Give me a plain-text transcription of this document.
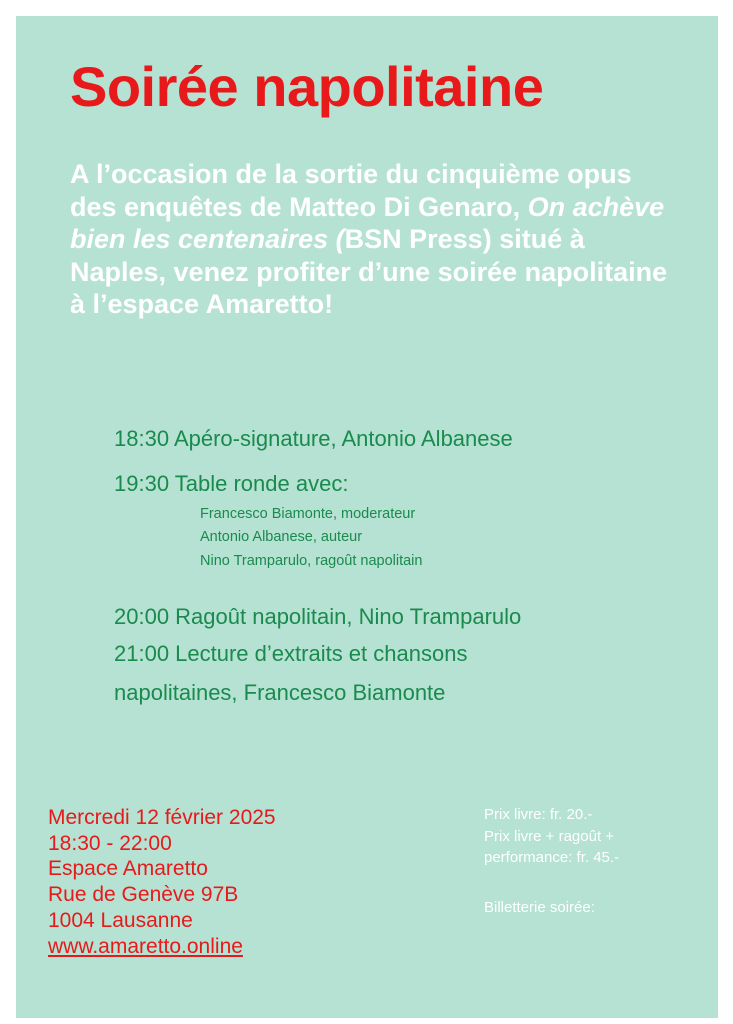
Soirée napolitaine

A l’occasion de la sortie du cinquième opus des enquêtes de Matteo Di Genaro, On achève bien les centenaires (BSN Press) situé à Naples, venez profiter d’une soirée napolitaine à l’espace Amaretto!

18:30 Apéro-signature, Antonio Albanese
19:30 Table ronde avec:
Francesco Biamonte, moderateur
Antonio Albanese, auteur
Nino Tramparulo, ragoût napolitain
20:00 Ragoût napolitain, Nino Tramparulo
21:00 Lecture d’extraits et chansons
napolitaines, Francesco Biamonte
Mercredi 12 février 2025
18:30 - 22:00
Espace Amaretto
Rue de Genève 97B
1004 Lausanne
www.amaretto.online
Prix livre: fr. 20.-
Prix livre + ragoût +
performance: fr. 45.-
Billetterie soirée:
